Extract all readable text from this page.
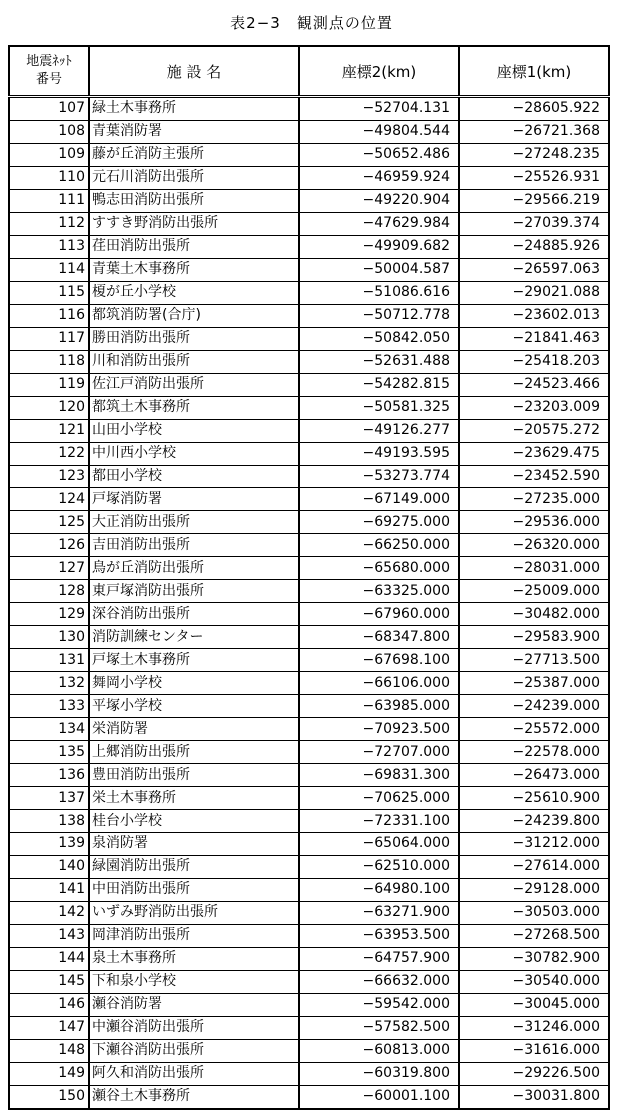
表2−3　観測点の位置
地震ﾈｯﾄ
番号	施 設 名	座標2(km)	座標1(km)
107	緑土木事務所	−52704.131	−28605.922
108	青葉消防署	−49804.544	−26721.368
109	藤が丘消防主張所	−50652.486	−27248.235
110	元石川消防出張所	−46959.924	−25526.931
111	鴨志田消防出張所	−49220.904	−29566.219
112	すすき野消防出張所	−47629.984	−27039.374
113	荏田消防出張所	−49909.682	−24885.926
114	青葉土木事務所	−50004.587	−26597.063
115	榎が丘小学校	−51086.616	−29021.088
116	都筑消防署(合庁)	−50712.778	−23602.013
117	勝田消防出張所	−50842.050	−21841.463
118	川和消防出張所	−52631.488	−25418.203
119	佐江戸消防出張所	−54282.815	−24523.466
120	都筑土木事務所	−50581.325	−23203.009
121	山田小学校	−49126.277	−20575.272
122	中川西小学校	−49193.595	−23629.475
123	都田小学校	−53273.774	−23452.590
124	戸塚消防署	−67149.000	−27235.000
125	大正消防出張所	−69275.000	−29536.000
126	吉田消防出張所	−66250.000	−26320.000
127	鳥が丘消防出張所	−65680.000	−28031.000
128	東戸塚消防出張所	−63325.000	−25009.000
129	深谷消防出張所	−67960.000	−30482.000
130	消防訓練センター	−68347.800	−29583.900
131	戸塚土木事務所	−67698.100	−27713.500
132	舞岡小学校	−66106.000	−25387.000
133	平塚小学校	−63985.000	−24239.000
134	栄消防署	−70923.500	−25572.000
135	上郷消防出張所	−72707.000	−22578.000
136	豊田消防出張所	−69831.300	−26473.000
137	栄土木事務所	−70625.000	−25610.900
138	桂台小学校	−72331.100	−24239.800
139	泉消防署	−65064.000	−31212.000
140	緑園消防出張所	−62510.000	−27614.000
141	中田消防出張所	−64980.100	−29128.000
142	いずみ野消防出張所	−63271.900	−30503.000
143	岡津消防出張所	−63953.500	−27268.500
144	泉土木事務所	−64757.900	−30782.900
145	下和泉小学校	−66632.000	−30540.000
146	瀬谷消防署	−59542.000	−30045.000
147	中瀬谷消防出張所	−57582.500	−31246.000
148	下瀬谷消防出張所	−60813.000	−31616.000
149	阿久和消防出張所	−60319.800	−29226.500
150	瀬谷土木事務所	−60001.100	−30031.800
